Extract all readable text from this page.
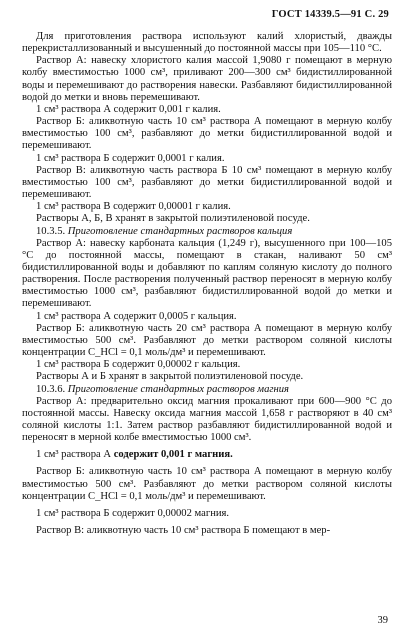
ГОСТ 14339.5—91 С. 29

Для приготовления раствора используют калий хлористый, дважды перекристаллизованный и высушенный до постоянной массы при 105—110 °С.

Раствор А: навеску хлористого калия массой 1,9080 г помещают в мерную колбу вместимостью 1000 см³, приливают 200—300 см³ бидистиллированной воды и перемешивают до растворения навески. Разбавляют бидистиллированной водой до метки и вновь перемешивают.

1 см³ раствора А содержит 0,001 г калия.

Раствор Б: аликвотную часть 10 см³ раствора А помещают в мерную колбу вместимостью 100 см³, разбавляют до метки бидистиллированной водой и перемешивают.

1 см³ раствора Б содержит 0,0001 г калия.

Раствор В: аликвотную часть раствора Б 10 см³ помещают в мерную колбу вместимостью 100 см³, разбавляют до метки бидистиллированной водой и перемешивают.

1 см³ раствора В содержит 0,00001 г калия.

Растворы А, Б, В хранят в закрытой полиэтиленовой посуде.

10.3.5. Приготовление стандартных растворов кальция

Раствор А: навеску карбоната кальция (1,249 г), высушенного при 100—105 °С до постоянной массы, помещают в стакан, наливают 50 см³ бидистиллированной воды и добавляют по каплям соляную кислоту до полного растворения. После растворения полученный раствор переносят в мерную колбу вместимостью 1000 см³, разбавляют бидистиллированной водой до метки и перемешивают.

1 см³ раствора А содержит 0,0005 г кальция.

Раствор Б: аликвотную часть 20 см³ раствора А помещают в мерную колбу вместимостью 500 см³. Разбавляют до метки раствором соляной кислоты концентрации C_HCl = 0,1 моль/дм³ и перемешивают.

1 см³ раствора Б содержит 0,00002 г кальция.

Растворы А и Б хранят в закрытой полиэтиленовой посуде.

10.3.6. Приготовление стандартных растворов магния

Раствор А: предварительно оксид магния прокаливают при 600—900 °С до постоянной массы. Навеску оксида магния массой 1,658 г растворяют в 40 см³ соляной кислоты 1:1. Затем раствор разбавляют бидистиллированной водой и переносят в мерной колбе вместимостью 1000 см³.

1 см³ раствора А содержит 0,001 г магния.

Раствор Б: аликвотную часть 10 см³ раствора А помещают в мерную колбу вместимостью 500 см³. Разбавляют до метки раствором соляной кислоты концентрации C_HCl = 0,1 моль/дм³ и перемешивают.

1 см³ раствора Б содержит 0,00002 магния.

Раствор В: аликвотную часть 10 см³ раствора Б помещают в мер-

39
